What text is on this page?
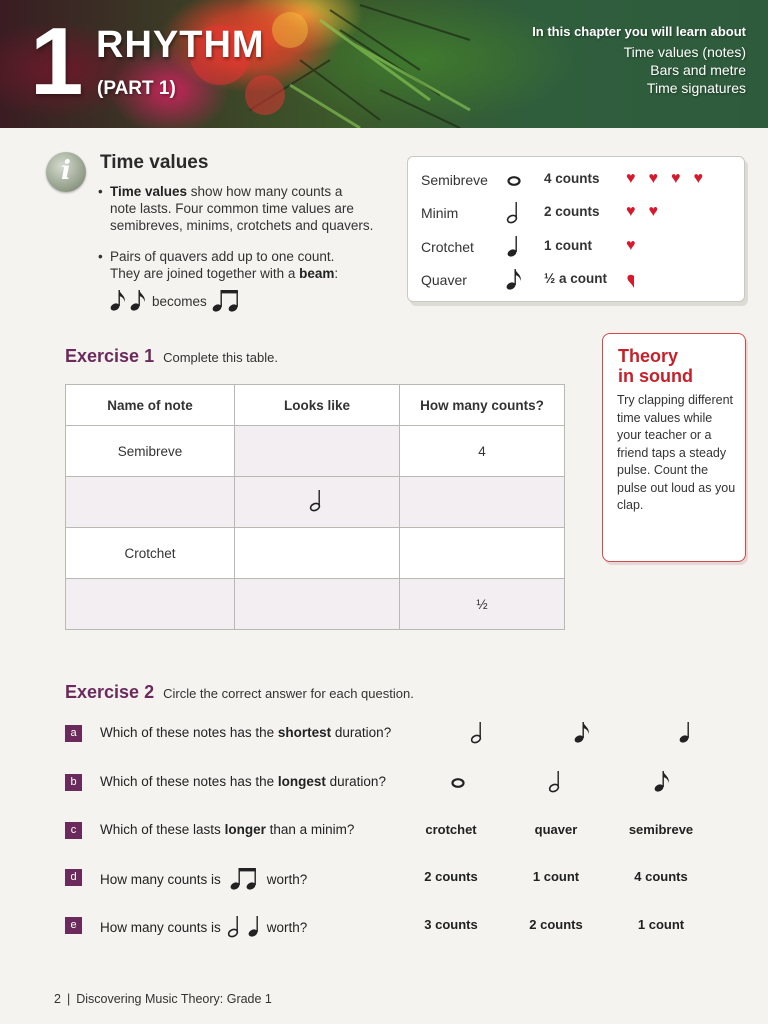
1 RHYTHM
(PART 1)
In this chapter you will learn about
Time values (notes)
Bars and metre
Time signatures
i	Time values
• Time values show how many counts a
note lasts. Four common time values are
semibreves, minims, crotchets and quavers.
• Pairs of quavers add up to one count.
They are joined together with a beam:
becomes
Semibreve	4 counts ♥♥♥♥
Minim	2 counts ♥♥
Crotchet	1 count ♥
Quaver	½ a count
Exercise 1 Complete this table.
Name of note	Looks like	How many counts?
Semibreve		4

Crotchet		
		½
Theory
in sound
Try clapping different time values while your teacher or a friend taps a steady pulse. Count the pulse out loud as you clap.
Exercise 2 Circle the correct answer for each question.
a	Which of these notes has the
shortest
duration?
b	Which of these notes has the
longest
duration?
c	Which of these lasts
longer
than a minim?	crotchet	quaver	semibreve
d	How many counts is	worth?	2 counts	1 count	4 counts
e	How many counts is	worth?	3 counts	2 counts	1 count
2 | Discovering Music Theory: Grade 1
